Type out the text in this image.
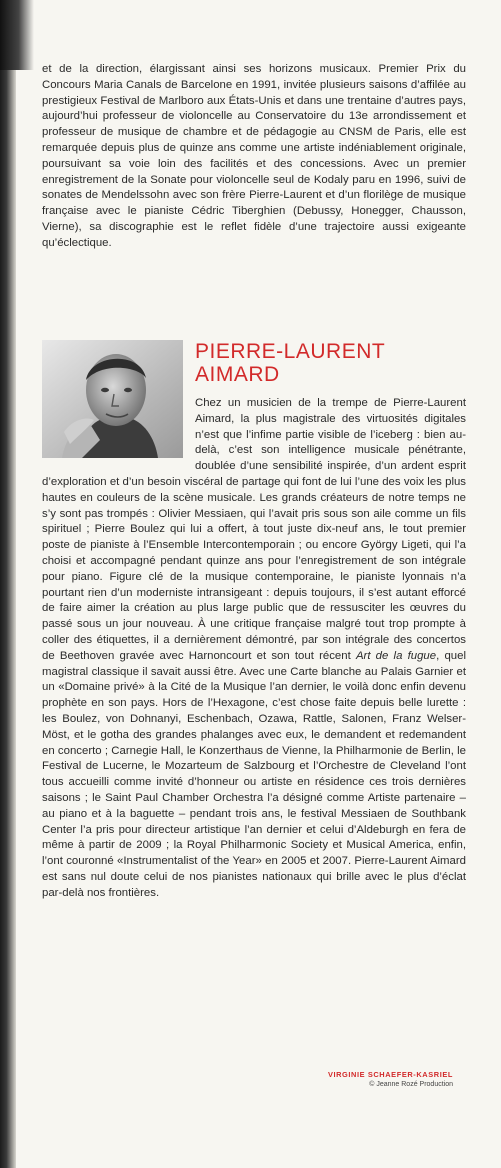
et de la direction, élargissant ainsi ses horizons musicaux. Premier Prix du Concours Maria Canals de Barcelone en 1991, invitée plusieurs saisons d’affilée au prestigieux Festival de Marlboro aux États-Unis et dans une trentaine d’autres pays, aujourd’hui professeur de violoncelle au Conservatoire du 13e arrondissement et professeur de musique de chambre et de pédagogie au CNSM de Paris, elle est remarquée depuis plus de quinze ans comme une artiste indéniablement originale, poursuivant sa voie loin des facilités et des concessions. Avec un premier enregistrement de la Sonate pour violoncelle seul de Kodaly paru en 1996, suivi de sonates de Mendelssohn avec son frère Pierre-Laurent et d’un florilège de musique française avec le pianiste Cédric Tiberghien (Debussy, Honegger, Chausson, Vierne), sa discographie est le reflet fidèle d’une trajectoire aussi exigeante qu’éclectique.

PIERRE-LAURENT
AIMARD

Chez un musicien de la trempe de Pierre-Laurent Aimard, la plus magistrale des virtuosités digitales n’est que l’infime partie visible de l’iceberg : bien au-delà, c’est son intelligence musicale pénétrante, doublée d’une sensibilité inspirée, d’un ardent esprit d’exploration et d’un besoin viscéral de partage qui font de lui l’une des voix les plus hautes en couleurs de la scène musicale. Les grands créateurs de notre temps ne s’y sont pas trompés : Olivier Messiaen, qui l’avait pris sous son aile comme un fils spirituel ; Pierre Boulez qui lui a offert, à tout juste dix-neuf ans, le tout premier poste de pianiste à l’Ensemble Intercontemporain ; ou encore György Ligeti, qui l’a choisi et accompagné pendant quinze ans pour l’enregistrement de son intégrale pour piano. Figure clé de la musique contemporaine, le pianiste lyonnais n’a pourtant rien d’un moderniste intransigeant : depuis toujours, il s’est autant efforcé de faire aimer la création au plus large public que de ressusciter les œuvres du passé sous un jour nouveau. À une critique française malgré tout trop prompte à coller des étiquettes, il a dernièrement démontré, par son intégrale des concertos de Beethoven gravée avec Harnoncourt et son tout récent Art de la fugue, quel magistral classique il savait aussi être. Avec une Carte blanche au Palais Garnier et un «Domaine privé» à la Cité de la Musique l’an dernier, le voilà donc enfin devenu prophète en son pays. Hors de l’Hexagone, c’est chose faite depuis belle lurette : les Boulez, von Dohnanyi, Eschenbach, Ozawa, Rattle, Salonen, Franz Welser-Möst, et le gotha des grandes phalanges avec eux, le demandent et redemandent en concerto ; Carnegie Hall, le Konzerthaus de Vienne, la Philharmonie de Berlin, le Festival de Lucerne, le Mozarteum de Salzbourg et l’Orchestre de Cleveland l’ont tous accueilli comme invité d’honneur ou artiste en résidence ces trois dernières saisons ; le Saint Paul Chamber Orchestra l’a désigné comme Artiste partenaire – au piano et à la baguette – pendant trois ans, le festival Messiaen de Southbank Center l’a pris pour directeur artistique l’an dernier et celui d’Aldeburgh en fera de même à partir de 2009 ; la Royal Philharmonic Society et Musical America, enfin, l’ont couronné «Instrumentalist of the Year» en 2005 et 2007. Pierre-Laurent Aimard est sans nul doute celui de nos pianistes nationaux qui brille avec le plus d’éclat par-delà nos frontières.

VIRGINIE SCHAEFER-KASRIEL
© Jeanne Rozé Production
